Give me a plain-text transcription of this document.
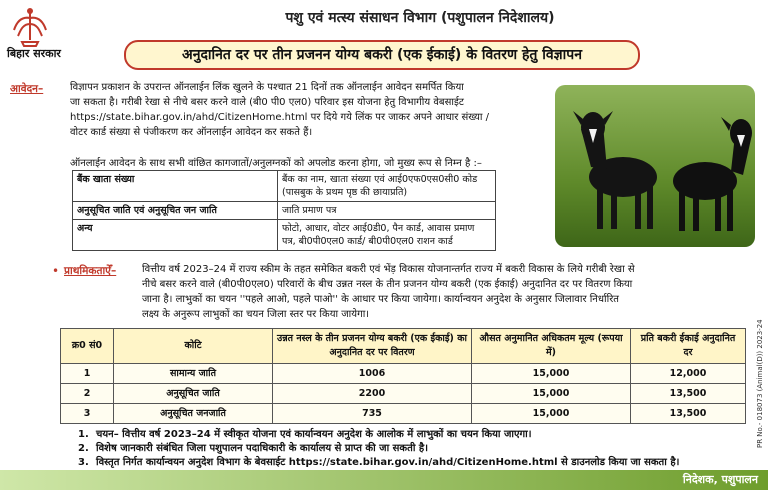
बिहार सरकार
पशु एवं मत्स्य संसाधन विभाग (पशुपालन निदेशालय)
अनुदानित दर पर तीन प्रजनन योग्य बकरी (एक ईकाई) के वितरण हेतु विज्ञापन
आवेदन–	विज्ञापन प्रकाशन के उपरान्त ऑनलाईन लिंक खुलने के पश्चात 21 दिनों तक ऑनलाईन आवेदन समर्पित किया
जा सकता है। गरीबी रेखा से नीचे बसर करने वाले (बी0 पी0 एल0) परिवार इस योजना हेतु विभागीय वेबसाईट
https://state.bihar.gov.in/ahd/CitizenHome.html पर दिये गये लिंक पर जाकर अपने आधार संख्या /
वोटर कार्ड संख्या से पंजीकरण कर ऑनलाईन आवेदन कर सकते हैं।
ऑनलाईन आवेदन के साथ सभी वांछित कागजातों/अनुलग्नकों को अपलोड करना होगा, जो मुख्य रूप से निम्न है :–
बैंक खाता संख्या	बैंक का नाम, खाता संख्या एवं आई0एफ0एस0सी0 कोड (पासबुक के प्रथम पृष्ठ की छायाप्रति)
अनुसूचित जाति एवं अनुसूचित जन जाति	जाति प्रमाण पत्र
अन्य	फोटो, आधार, वोटर आई0डी0, पैन कार्ड, आवास प्रमाण पत्र, बी0पी0एल0 कार्ड/ बी0पी0एल0 राशन कार्ड
• प्राथमिकताऐँ–	वित्तीय वर्ष 2023–24 में राज्य स्कीम के तहत समेकित बकरी एवं भेंड़ विकास योजनान्तर्गत राज्य में बकरी विकास के लिये गरीबी रेखा से
नीचे बसर करने वाले (बी0पी0एल0) परिवारों के बीच उन्नत नस्ल के तीन प्रजनन योग्य बकरी (एक ईकाई) अनुदानित दर पर वितरण किया
जाना है। लाभुकों का चयन ''पहले आओ, पहले पाओ'' के आधार पर किया जायेगा। कार्यान्वयन अनुदेश के अनुसार जिलावार निर्धारित
लक्ष्य के अनुरूप लाभुकों का चयन जिला स्तर पर किया जायेगा।
क्र0 सं0	कोटि	उन्नत नस्ल के तीन प्रजनन योग्य बकरी (एक ईकाई) का अनुदानित दर पर वितरण	औसत अनुमानित अधिकतम मूल्य (रूपया में)	प्रति बकरी ईकाई अनुदानित दर
1	सामान्य जाति	1006	15,000	12,000
2	अनुसूचित जाति	2200	15,000	13,500
3	अनुसूचित जनजाति	735	15,000	13,500
1. चयन– वित्तीय वर्ष 2023–24 में स्वीकृत योजना एवं कार्यान्वयन अनुदेश के आलोक में लाभुकों का चयन किया जाएगा।
2. विशेष जानकारी संबंधित जिला पशुपालन पदाधिकारी के कार्यालय से प्राप्त की जा सकती है।
3. विस्तृत निर्गत कार्यान्वयन अनुदेश विभाग के बेवसाईट https://state.bihar.gov.in/ahd/CitizenHome.html से डाउनलोड किया जा सकता है।
PR No.- 018073 (Animal(D)) 2023-24
निदेशक, पशुपालन
